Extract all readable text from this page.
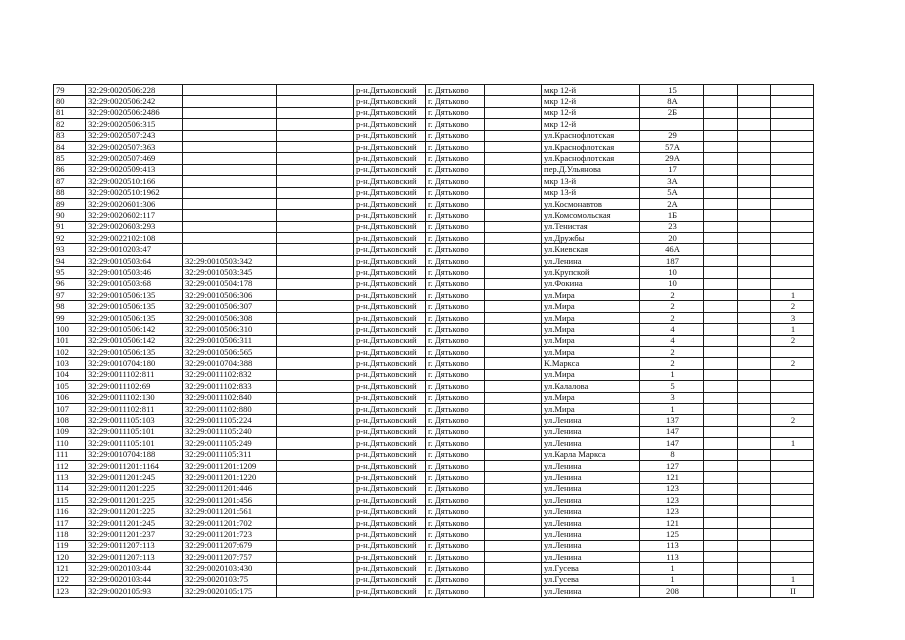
79	32:29:0020506:228			р-н.Дятьковский	г. Дятьково		мкр 12-й	15			
80	32:29:0020506:242			р-н.Дятьковский	г. Дятьково		мкр 12-й	8А			
81	32:29:0020506:2486			р-н.Дятьковский	г. Дятьково		мкр 12-й	2Б			
82	32:29:0020506:315			р-н.Дятьковский	г. Дятьково		мкр 12-й				
83	32:29:0020507:243			р-н.Дятьковский	г. Дятьково		ул.Краснофлотская	29			
84	32:29:0020507:363			р-н.Дятьковский	г. Дятьково		ул.Краснофлотская	57А			
85	32:29:0020507:469			р-н.Дятьковский	г. Дятьково		ул.Краснофлотская	29А			
86	32:29:0020509:413			р-н.Дятьковский	г. Дятьково		пер.Д.Ульянова	17			
87	32:29:0020510:166			р-н.Дятьковский	г. Дятьково		мкр 13-й	3А			
88	32:29:0020510:1962			р-н.Дятьковский	г. Дятьково		мкр 13-й	5А			
89	32:29:0020601:306			р-н.Дятьковский	г. Дятьково		ул.Космонавтов	2А			
90	32:29:0020602:117			р-н.Дятьковский	г. Дятьково		ул.Комсомольская	1Б			
91	32:29:0020603:293			р-н.Дятьковский	г. Дятьково		ул.Тенистая	23			
92	32:29:0022102:108			р-н.Дятьковский	г. Дятьково		ул.Дружбы	20			
93	32:29:0010203:47			р-н.Дятьковский	г. Дятьково		ул.Киевская	46А			
94	32:29:0010503:64	32:29:0010503:342		р-н.Дятьковский	г. Дятьково		ул.Ленина	187			
95	32:29:0010503:46	32:29:0010503:345		р-н.Дятьковский	г. Дятьково		ул.Крупской	10			
96	32:29:0010503:68	32:29:0010504:178		р-н.Дятьковский	г. Дятьково		ул.Фокина	10			
97	32:29:0010506:135	32:29:0010506:306		р-н.Дятьковский	г. Дятьково		ул.Мира	2			1
98	32:29:0010506:135	32:29:0010506:307		р-н.Дятьковский	г. Дятьково		ул.Мира	2			2
99	32:29:0010506:135	32:29:0010506:308		р-н.Дятьковский	г. Дятьково		ул.Мира	2			3
100	32:29:0010506:142	32:29:0010506:310		р-н.Дятьковский	г. Дятьково		ул.Мира	4			1
101	32:29:0010506:142	32:29:0010506:311		р-н.Дятьковский	г. Дятьково		ул.Мира	4			2
102	32:29:0010506:135	32:29:0010506:565		р-н.Дятьковский	г. Дятьково		ул.Мира	2			
103	32:29:0010704:180	32:29:0010704:388		р-н.Дятьковский	г. Дятьково		К.Маркса	2			2
104	32:29:0011102:811	32:29:0011102:832		р-н.Дятьковский	г. Дятьково		ул.Мира	1			
105	32:29:0011102:69	32:29:0011102:833		р-н.Дятьковский	г. Дятьково		ул.Калалова	5			
106	32:29:0011102:130	32:29:0011102:840		р-н.Дятьковский	г. Дятьково		ул.Мира	3			
107	32:29:0011102:811	32:29:0011102:880		р-н.Дятьковский	г. Дятьково		ул.Мира	1			
108	32:29:0011105:103	32:29:0011105:224		р-н.Дятьковский	г. Дятьково		ул.Ленина	137			2
109	32:29:0011105:101	32:29:0011105:240		р-н.Дятьковский	г. Дятьково		ул.Ленина	147			
110	32:29:0011105:101	32:29:0011105:249		р-н.Дятьковский	г. Дятьково		ул.Ленина	147			1
111	32:29:0010704:188	32:29:0011105:311		р-н.Дятьковский	г. Дятьково		ул.Карла Маркса	8			
112	32:29:0011201:1164	32:29:0011201:1209		р-н.Дятьковский	г. Дятьково		ул.Ленина	127			
113	32:29:0011201:245	32:29:0011201:1220		р-н.Дятьковский	г. Дятьково		ул.Ленина	121			
114	32:29:0011201:225	32:29:0011201:446		р-н.Дятьковский	г. Дятьково		ул.Ленина	123			
115	32:29:0011201:225	32:29:0011201:456		р-н.Дятьковский	г. Дятьково		ул.Ленина	123			
116	32:29:0011201:225	32:29:0011201:561		р-н.Дятьковский	г. Дятьково		ул.Ленина	123			
117	32:29:0011201:245	32:29:0011201:702		р-н.Дятьковский	г. Дятьково		ул.Ленина	121			
118	32:29:0011201:237	32:29:0011201:723		р-н.Дятьковский	г. Дятьково		ул.Ленина	125			
119	32:29:0011207:113	32:29:0011207:679		р-н.Дятьковский	г. Дятьково		ул.Ленина	113			
120	32:29:0011207:113	32:29:0011207:757		р-н.Дятьковский	г. Дятьково		ул.Ленина	113			
121	32:29:0020103:44	32:29:0020103:430		р-н.Дятьковский	г. Дятьково		ул.Гусева	1			
122	32:29:0020103:44	32:29:0020103:75		р-н.Дятьковский	г. Дятьково		ул.Гусева	1			1
123	32:29:0020105:93	32:29:0020105:175		р-н.Дятьковский	г. Дятьково		ул.Ленина	208			II
